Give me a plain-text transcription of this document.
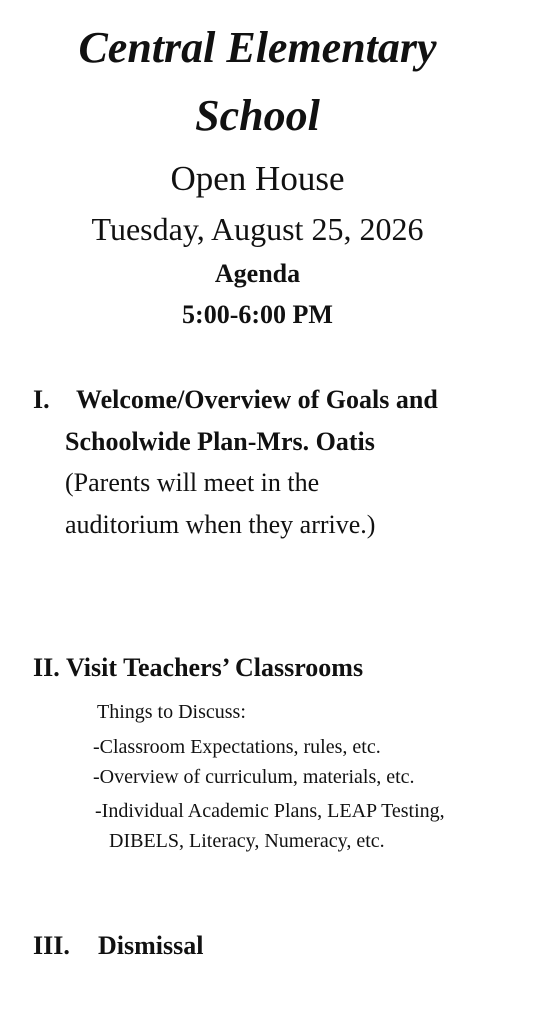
Central Elementary
School
Open House
Tuesday, August 25, 2026
Agenda
5:00-6:00 PM
I. Welcome/Overview of Goals and
Schoolwide Plan-Mrs. Oatis
(Parents will meet in the
auditorium when they arrive.)
II. Visit Teachers’ Classrooms
Things to Discuss:
-Classroom Expectations, rules, etc.
-Overview of curriculum, materials, etc.
-Individual Academic Plans, LEAP Testing,
DIBELS, Literacy, Numeracy, etc.
III. Dismissal
